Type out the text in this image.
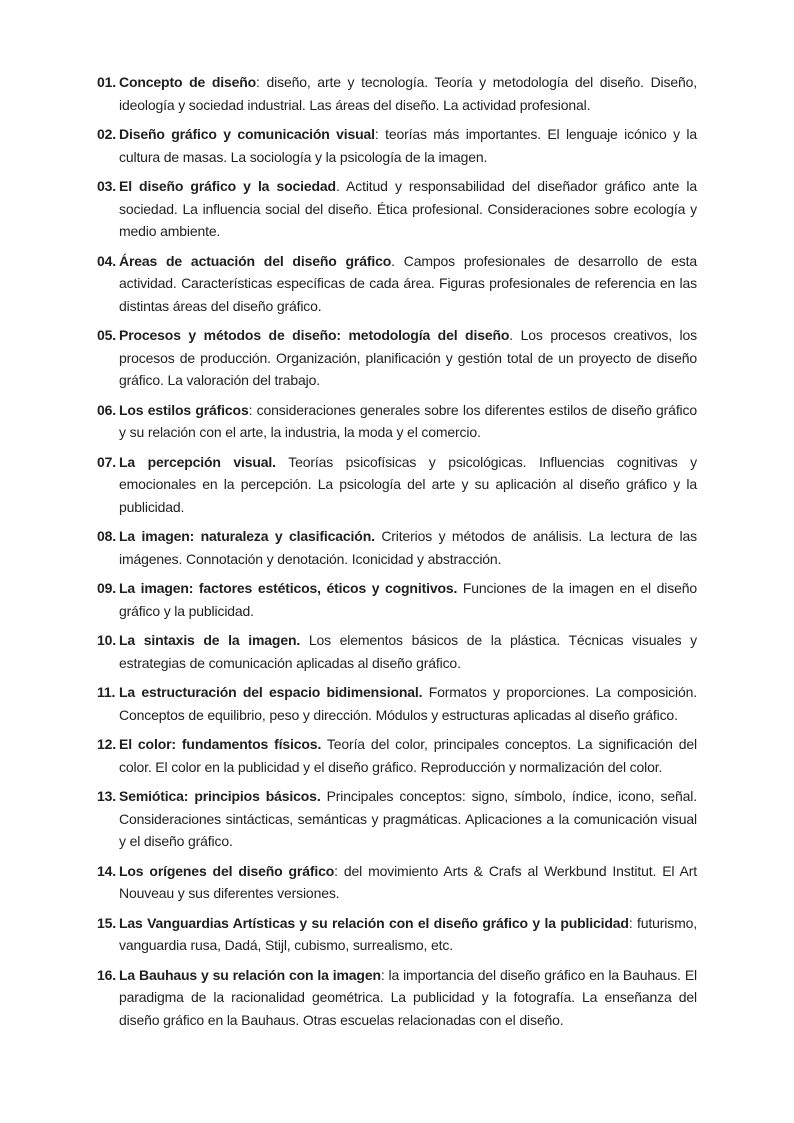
01. Concepto de diseño: diseño, arte y tecnología. Teoría y metodología del diseño. Diseño, ideología y sociedad industrial. Las áreas del diseño. La actividad profesional.
02. Diseño gráfico y comunicación visual: teorías más importantes. El lenguaje icónico y la cultura de masas. La sociología y la psicología de la imagen.
03. El diseño gráfico y la sociedad. Actitud y responsabilidad del diseñador gráfico ante la sociedad. La influencia social del diseño. Ética profesional. Consideraciones sobre ecología y medio ambiente.
04. Áreas de actuación del diseño gráfico. Campos profesionales de desarrollo de esta actividad. Características específicas de cada área. Figuras profesionales de referencia en las distintas áreas del diseño gráfico.
05. Procesos y métodos de diseño: metodología del diseño. Los procesos creativos, los procesos de producción. Organización, planificación y gestión total de un proyecto de diseño gráfico. La valoración del trabajo.
06. Los estilos gráficos: consideraciones generales sobre los diferentes estilos de diseño gráfico y su relación con el arte, la industria, la moda y el comercio.
07. La percepción visual. Teorías psicofísicas y psicológicas. Influencias cognitivas y emocionales en la percepción. La psicología del arte y su aplicación al diseño gráfico y la publicidad.
08. La imagen: naturaleza y clasificación. Criterios y métodos de análisis. La lectura de las imágenes. Connotación y denotación. Iconicidad y abstracción.
09. La imagen: factores estéticos, éticos y cognitivos. Funciones de la imagen en el diseño gráfico y la publicidad.
10. La sintaxis de la imagen. Los elementos básicos de la plástica. Técnicas visuales y estrategias de comunicación aplicadas al diseño gráfico.
11. La estructuración del espacio bidimensional. Formatos y proporciones. La composición. Conceptos de equilibrio, peso y dirección. Módulos y estructuras aplicadas al diseño gráfico.
12. El color: fundamentos físicos. Teoría del color, principales conceptos. La significación del color. El color en la publicidad y el diseño gráfico. Reproducción y normalización del color.
13. Semiótica: principios básicos. Principales conceptos: signo, símbolo, índice, icono, señal. Consideraciones sintácticas, semánticas y pragmáticas. Aplicaciones a la comunicación visual y el diseño gráfico.
14. Los orígenes del diseño gráfico: del movimiento Arts & Crafs al Werkbund Institut. El Art Nouveau y sus diferentes versiones.
15. Las Vanguardias Artísticas y su relación con el diseño gráfico y la publicidad: futurismo, vanguardia rusa, Dadá, Stijl, cubismo, surrealismo, etc.
16. La Bauhaus y su relación con la imagen: la importancia del diseño gráfico en la Bauhaus. El paradigma de la racionalidad geométrica. La publicidad y la fotografía. La enseñanza del diseño gráfico en la Bauhaus. Otras escuelas relacionadas con el diseño.
